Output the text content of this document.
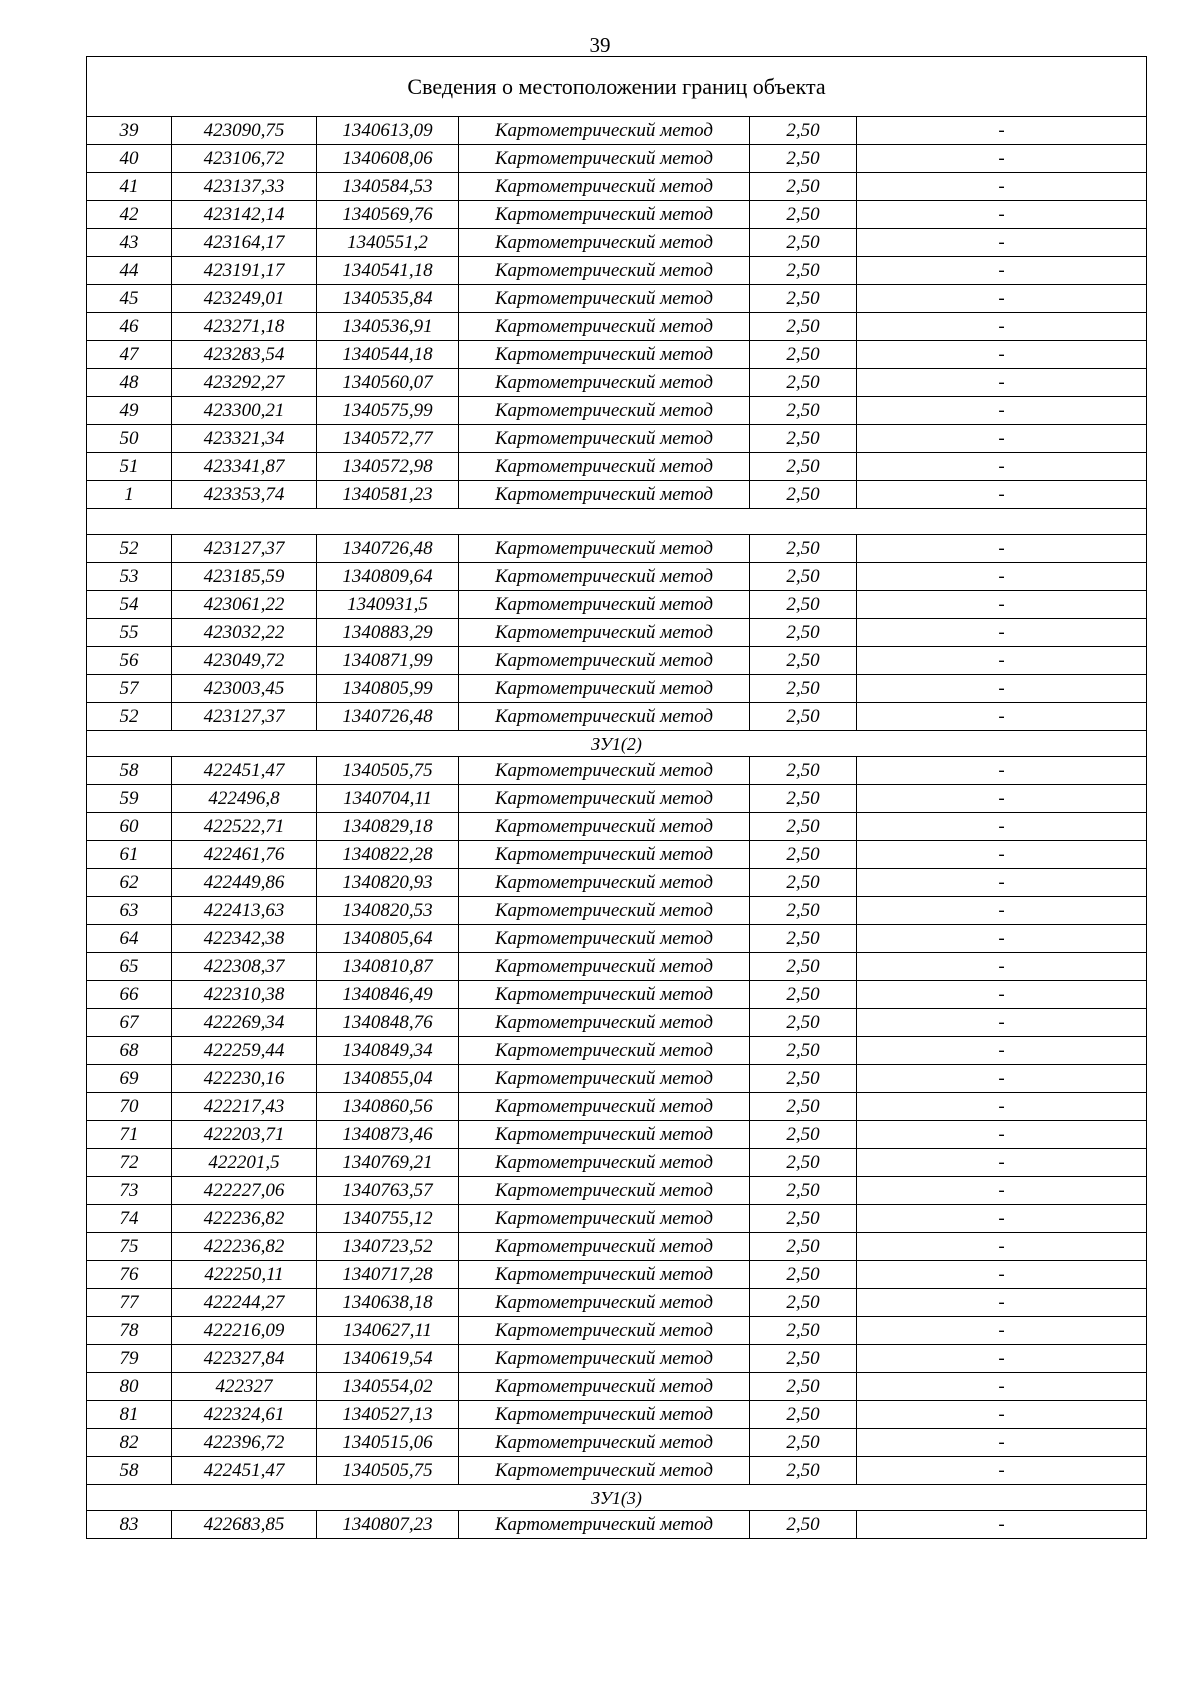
39
Сведения о местоположении границ объекта					
39	423090,75	1340613,09	Картометрический метод	2,50	-
40	423106,72	1340608,06	Картометрический метод	2,50	-
41	423137,33	1340584,53	Картометрический метод	2,50	-
42	423142,14	1340569,76	Картометрический метод	2,50	-
43	423164,17	1340551,2	Картометрический метод	2,50	-
44	423191,17	1340541,18	Картометрический метод	2,50	-
45	423249,01	1340535,84	Картометрический метод	2,50	-
46	423271,18	1340536,91	Картометрический метод	2,50	-
47	423283,54	1340544,18	Картометрический метод	2,50	-
48	423292,27	1340560,07	Картометрический метод	2,50	-
49	423300,21	1340575,99	Картометрический метод	2,50	-
50	423321,34	1340572,77	Картометрический метод	2,50	-
51	423341,87	1340572,98	Картометрический метод	2,50	-
1	423353,74	1340581,23	Картометрический метод	2,50	-

52	423127,37	1340726,48	Картометрический метод	2,50	-
53	423185,59	1340809,64	Картометрический метод	2,50	-
54	423061,22	1340931,5	Картометрический метод	2,50	-
55	423032,22	1340883,29	Картометрический метод	2,50	-
56	423049,72	1340871,99	Картометрический метод	2,50	-
57	423003,45	1340805,99	Картометрический метод	2,50	-
52	423127,37	1340726,48	Картометрический метод	2,50	-
ЗУ1(2)					
58	422451,47	1340505,75	Картометрический метод	2,50	-
59	422496,8	1340704,11	Картометрический метод	2,50	-
60	422522,71	1340829,18	Картометрический метод	2,50	-
61	422461,76	1340822,28	Картометрический метод	2,50	-
62	422449,86	1340820,93	Картометрический метод	2,50	-
63	422413,63	1340820,53	Картометрический метод	2,50	-
64	422342,38	1340805,64	Картометрический метод	2,50	-
65	422308,37	1340810,87	Картометрический метод	2,50	-
66	422310,38	1340846,49	Картометрический метод	2,50	-
67	422269,34	1340848,76	Картометрический метод	2,50	-
68	422259,44	1340849,34	Картометрический метод	2,50	-
69	422230,16	1340855,04	Картометрический метод	2,50	-
70	422217,43	1340860,56	Картометрический метод	2,50	-
71	422203,71	1340873,46	Картометрический метод	2,50	-
72	422201,5	1340769,21	Картометрический метод	2,50	-
73	422227,06	1340763,57	Картометрический метод	2,50	-
74	422236,82	1340755,12	Картометрический метод	2,50	-
75	422236,82	1340723,52	Картометрический метод	2,50	-
76	422250,11	1340717,28	Картометрический метод	2,50	-
77	422244,27	1340638,18	Картометрический метод	2,50	-
78	422216,09	1340627,11	Картометрический метод	2,50	-
79	422327,84	1340619,54	Картометрический метод	2,50	-
80	422327	1340554,02	Картометрический метод	2,50	-
81	422324,61	1340527,13	Картометрический метод	2,50	-
82	422396,72	1340515,06	Картометрический метод	2,50	-
58	422451,47	1340505,75	Картометрический метод	2,50	-
ЗУ1(3)					
83	422683,85	1340807,23	Картометрический метод	2,50	-
